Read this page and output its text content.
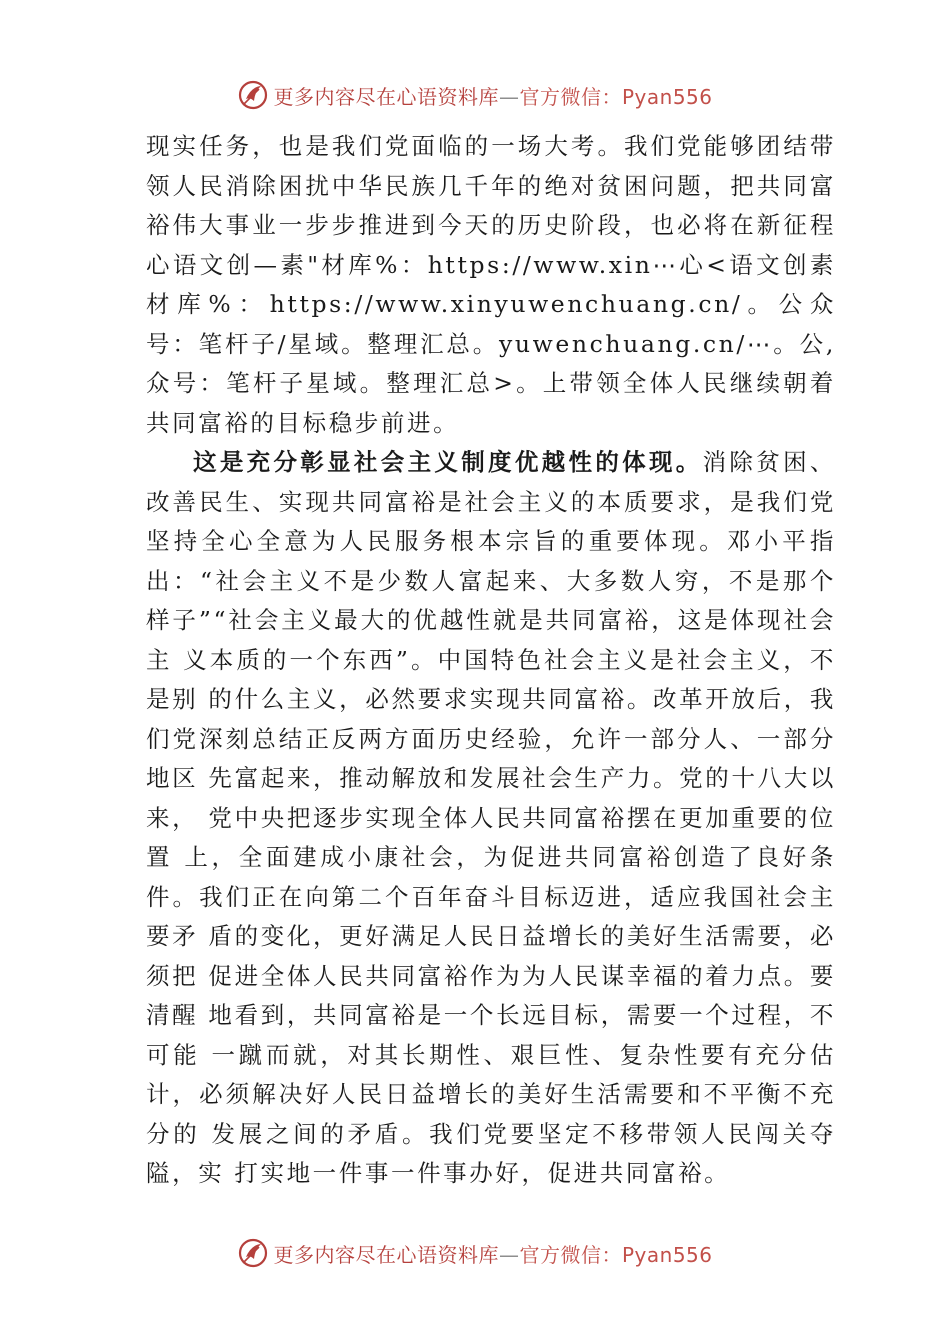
更多内容尽在心语资料库—官方微信：Pyan556

现实任务，也是我们党面临的一场大考。我们党能够团结带领人民消除困扰中华民族几千年的绝对贫困问题，把共同富裕伟大事业一步步推进到今天的历史阶段，也必将在新征程心语文创—素"材库%：https://www.xin⋯心<语文创素材库%：https://www.xinyuwenchuang.cn/。公众号：笔杆子/星域。整理汇总。yuwenchuang.cn/⋯。公,众号：笔杆子星域。整理汇总>。上带领全体人民继续朝着共同富裕的目标稳步前进。

这是充分彰显社会主义制度优越性的体现。消除贫困、改善民生、实现共同富裕是社会主义的本质要求，是我们党坚持全心全意为人民服务根本宗旨的重要体现。邓小平指出：“社会主义不是少数人富起来、大多数人穷，不是那个样子”“社会主义最大的优越性就是共同富裕，这是体现社会主 义本质的一个东西”。中国特色社会主义是社会主义，不是别 的什么主义，必然要求实现共同富裕。改革开放后，我们党深刻总结正反两方面历史经验，允许一部分人、一部分地区 先富起来，推动解放和发展社会生产力。党的十八大以来， 党中央把逐步实现全体人民共同富裕摆在更加重要的位置 上，全面建成小康社会，为促进共同富裕创造了良好条件。我们正在向第二个百年奋斗目标迈进，适应我国社会主要矛 盾的变化，更好满足人民日益增长的美好生活需要，必须把 促进全体人民共同富裕作为为人民谋幸福的着力点。要清醒 地看到，共同富裕是一个长远目标，需要一个过程，不可能 一蹴而就，对其长期性、艰巨性、复杂性要有充分估计，必须解决好人民日益增长的美好生活需要和不平衡不充分的 发展之间的矛盾。我们党要坚定不移带领人民闯关夺隘，实 打实地一件事一件事办好，促进共同富裕。

更多内容尽在心语资料库—官方微信：Pyan556
